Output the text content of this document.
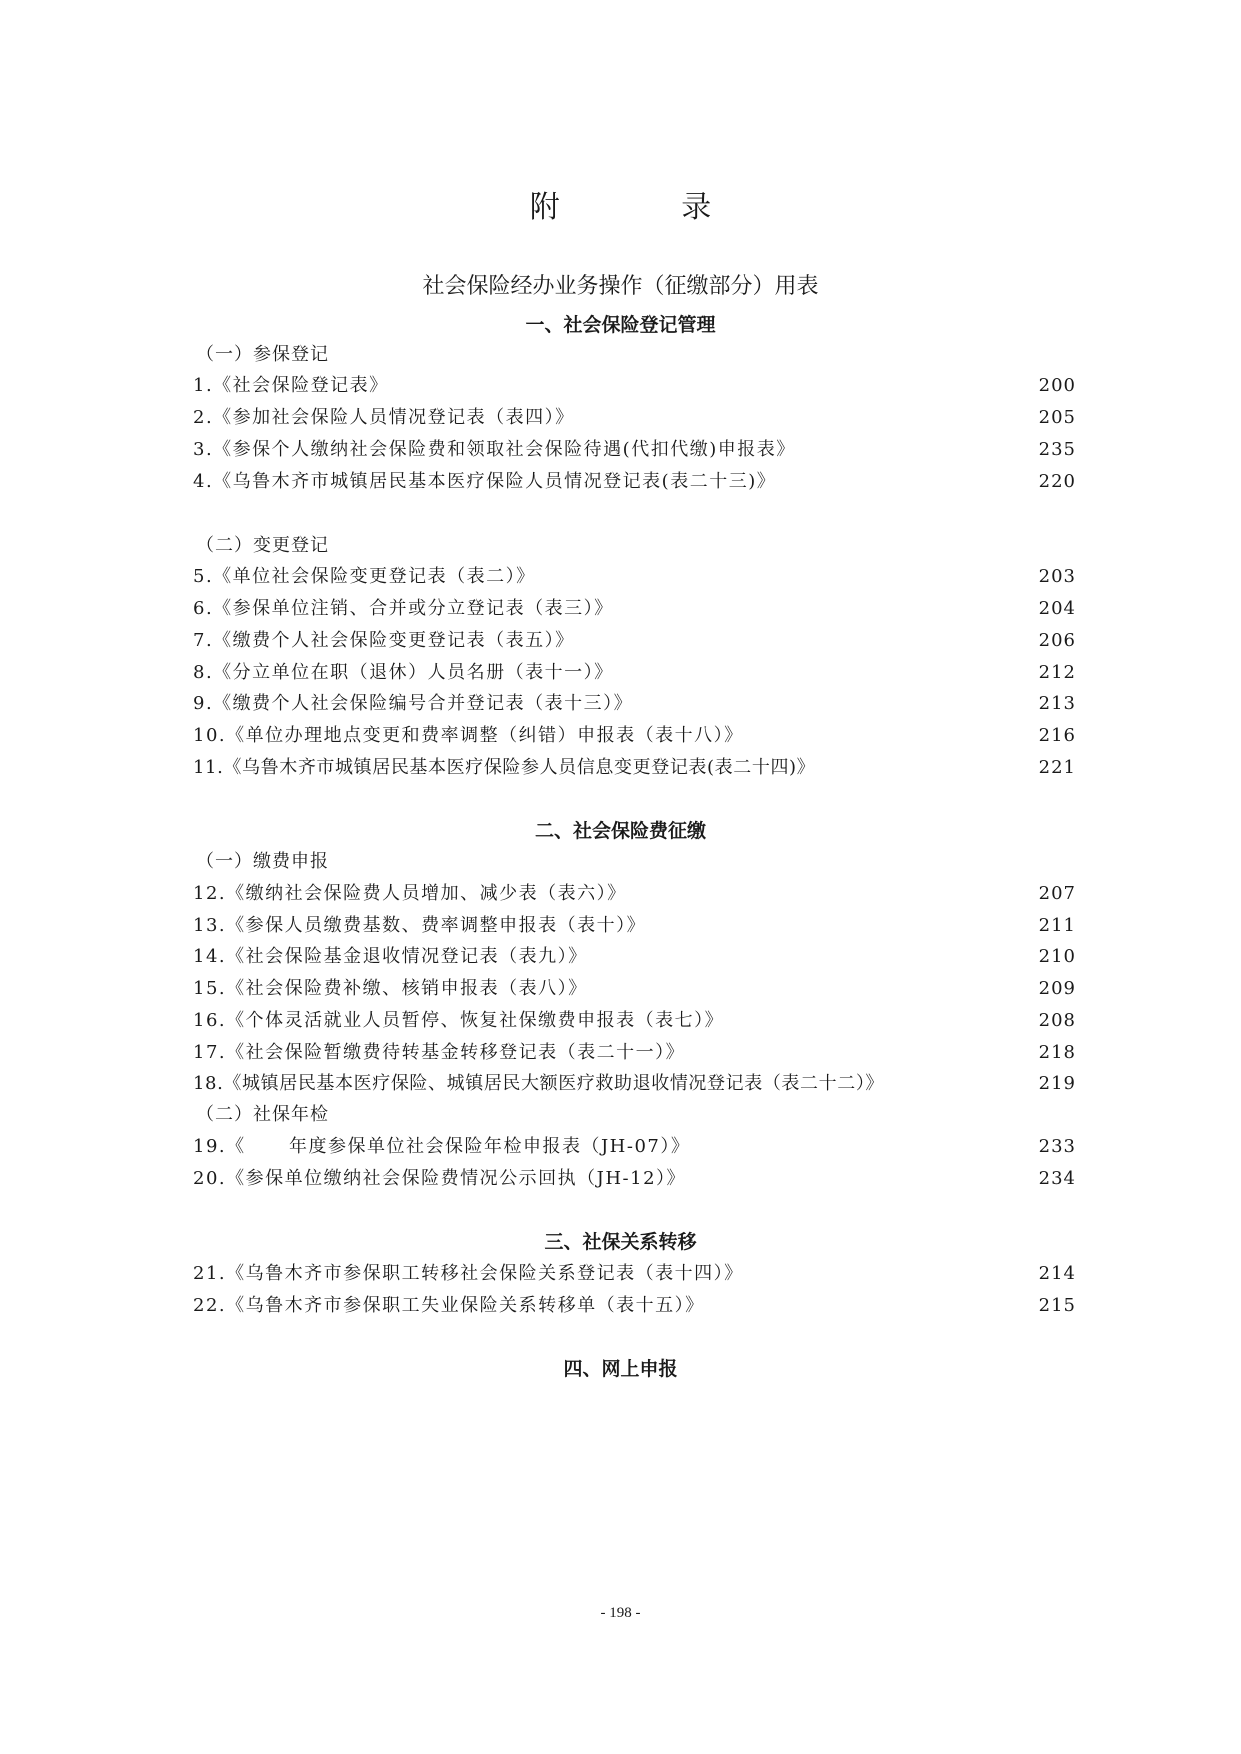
附 录
社会保险经办业务操作（征缴部分）用表
一、社会保险登记管理
（一）参保登记
1.《社会保险登记表》	200
2.《参加社会保险人员情况登记表（表四）》	205
3.《参保个人缴纳社会保险费和领取社会保险待遇(代扣代缴)申报表》	235
4.《乌鲁木齐市城镇居民基本医疗保险人员情况登记表(表二十三)》	220
（二）变更登记
5.《单位社会保险变更登记表（表二）》	203
6.《参保单位注销、合并或分立登记表（表三）》	204
7.《缴费个人社会保险变更登记表（表五）》	206
8.《分立单位在职（退休）人员名册（表十一）》	212
9.《缴费个人社会保险编号合并登记表（表十三）》	213
10.《单位办理地点变更和费率调整（纠错）申报表（表十八）》	216
11.《乌鲁木齐市城镇居民基本医疗保险参人员信息变更登记表(表二十四)》	221
二、社会保险费征缴
（一）缴费申报
12.《缴纳社会保险费人员增加、减少表（表六）》	207
13.《参保人员缴费基数、费率调整申报表（表十）》	211
14.《社会保险基金退收情况登记表（表九）》	210
15.《社会保险费补缴、核销申报表（表八）》	209
16.《个体灵活就业人员暂停、恢复社保缴费申报表（表七）》	208
17.《社会保险暂缴费待转基金转移登记表（表二十一）》	218
18.《城镇居民基本医疗保险、城镇居民大额医疗救助退收情况登记表（表二十二）》	219
（二）社保年检
19.《      年度参保单位社会保险年检申报表（JH-07）》	233
20.《参保单位缴纳社会保险费情况公示回执（JH-12）》	234
三、社保关系转移
21.《乌鲁木齐市参保职工转移社会保险关系登记表（表十四）》	214
22.《乌鲁木齐市参保职工失业保险关系转移单（表十五）》	215
四、网上申报
- 198 -
